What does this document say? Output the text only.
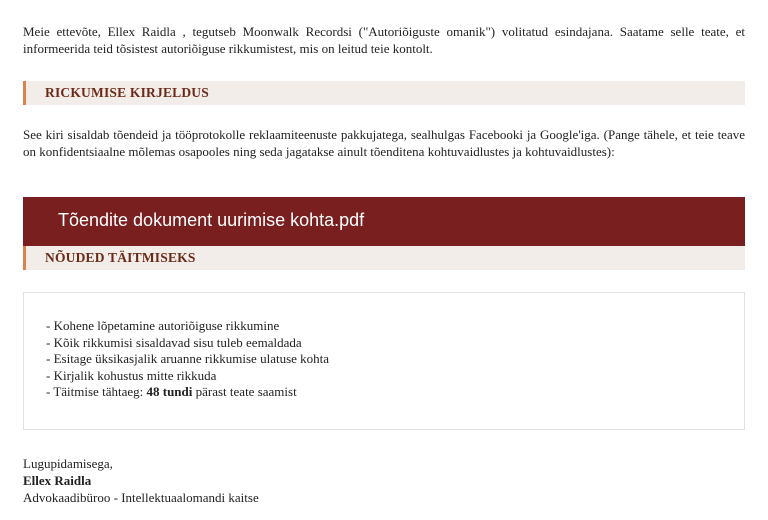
Meie ettevõte, Ellex Raidla , tegutseb Moonwalk Recordsi ("Autoriõiguste omanik") volitatud esindajana. Saatame selle teate, et informeerida teid tõsistest autoriõiguse rikkumistest, mis on leitud teie kontolt.

RICKUMISE KIRJELDUS

See kiri sisaldab tõendeid ja tööprotokolle reklaamiteenuste pakkujatega, sealhulgas Facebooki ja Google'iga. (Pange tähele, et teie teave on konfidentsiaalne mõlemas osapooles ning seda jagatakse ainult tõenditena kohtuvaidlustes ja kohtuvaidlustes):

Tõendite dokument uurimise kohta.pdf
NÕUDED TÄITMISEKS
- Kohene lõpetamine autoriõiguse rikkumine
- Kõik rikkumisi sisaldavad sisu tuleb eemaldada
- Esitage üksikasjalik aruanne rikkumise ulatuse kohta
- Kirjalik kohustus mitte rikkuda
- Täitmise tähtaeg: 48 tundi pärast teate saamist
Lugupidamisega,
Ellex Raidla
Advokaadibüroo - Intellektuaalomandi kaitse
